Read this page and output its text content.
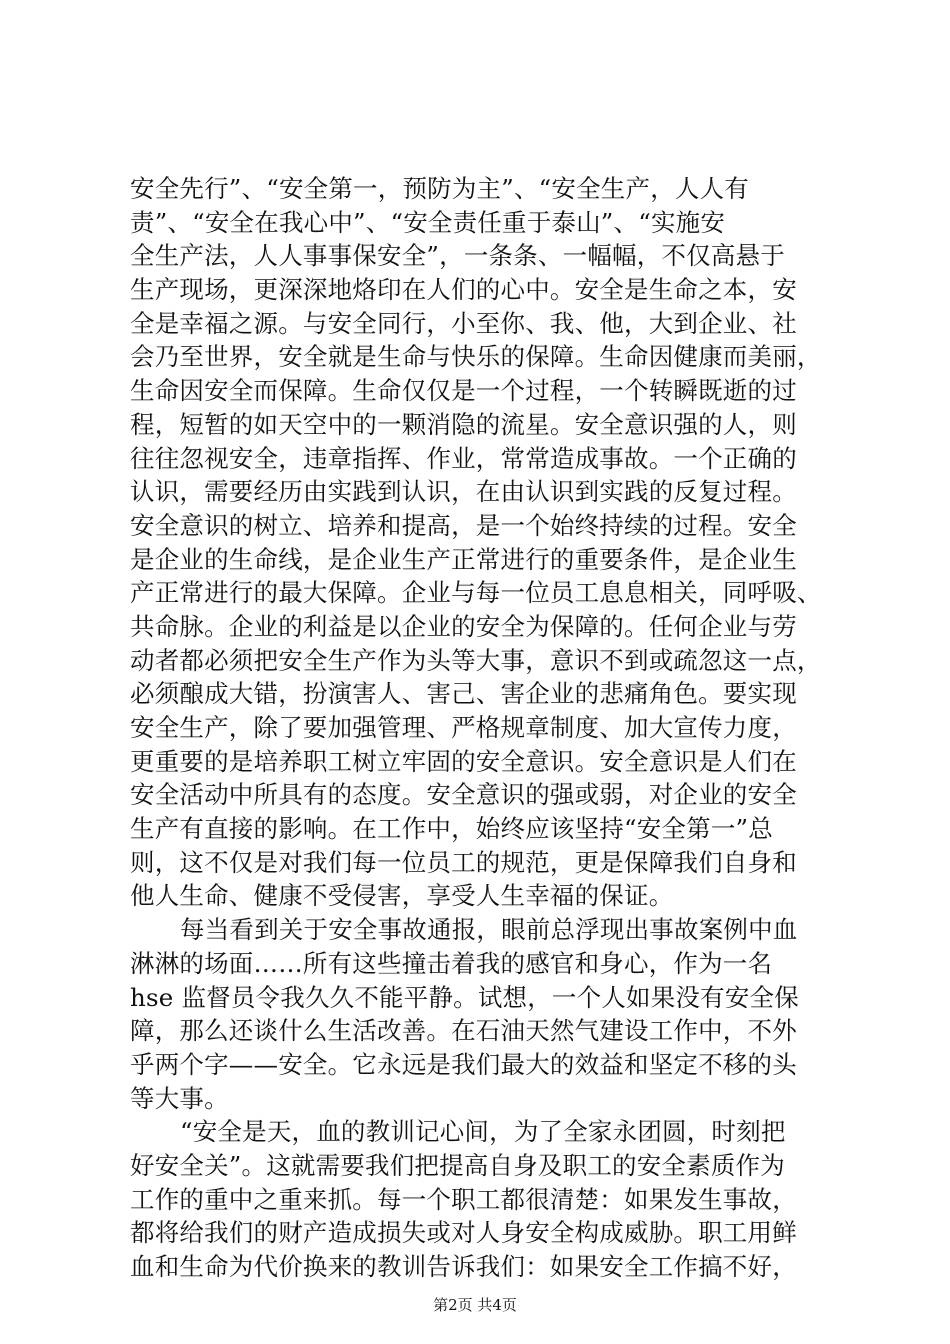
安全先行”、“安全第一，预防为主”、“安全生产，人人有
责”、“安全在我心中”、“安全责任重于泰山”、“实施安
全生产法，人人事事保安全”，一条条、一幅幅，不仅高悬于
生产现场，更深深地烙印在人们的心中。安全是生命之本，安
全是幸福之源。与安全同行，小至你、我、他，大到企业、社
会乃至世界，安全就是生命与快乐的保障。生命因健康而美丽，
生命因安全而保障。生命仅仅是一个过程，一个转瞬既逝的过
程，短暂的如天空中的一颗消隐的流星。安全意识强的人，则
往往忽视安全，违章指挥、作业，常常造成事故。一个正确的
认识，需要经历由实践到认识，在由认识到实践的反复过程。
安全意识的树立、培养和提高，是一个始终持续的过程。安全
是企业的生命线，是企业生产正常进行的重要条件，是企业生
产正常进行的最大保障。企业与每一位员工息息相关，同呼吸、
共命脉。企业的利益是以企业的安全为保障的。任何企业与劳
动者都必须把安全生产作为头等大事，意识不到或疏忽这一点，
必须酿成大错，扮演害人、害己、害企业的悲痛角色。要实现
安全生产，除了要加强管理、严格规章制度、加大宣传力度，
更重要的是培养职工树立牢固的安全意识。安全意识是人们在
安全活动中所具有的态度。安全意识的强或弱，对企业的安全
生产有直接的影响。在工作中，始终应该坚持“安全第一”总
则，这不仅是对我们每一位员工的规范，更是保障我们自身和
他人生命、健康不受侵害，享受人生幸福的保证。
每当看到关于安全事故通报，眼前总浮现出事故案例中血
淋淋的场面……所有这些撞击着我的感官和身心，作为一名
hse 监督员令我久久不能平静。试想，一个人如果没有安全保
障，那么还谈什么生活改善。在石油天然气建设工作中，不外
乎两个字——安全。它永远是我们最大的效益和坚定不移的头
等大事。
“安全是天，血的教训记心间，为了全家永团圆，时刻把
好安全关”。这就需要我们把提高自身及职工的安全素质作为
工作的重中之重来抓。每一个职工都很清楚：如果发生事故，
都将给我们的财产造成损失或对人身安全构成威胁。职工用鲜
血和生命为代价换来的教训告诉我们：如果安全工作搞不好，
第2页 共4页
